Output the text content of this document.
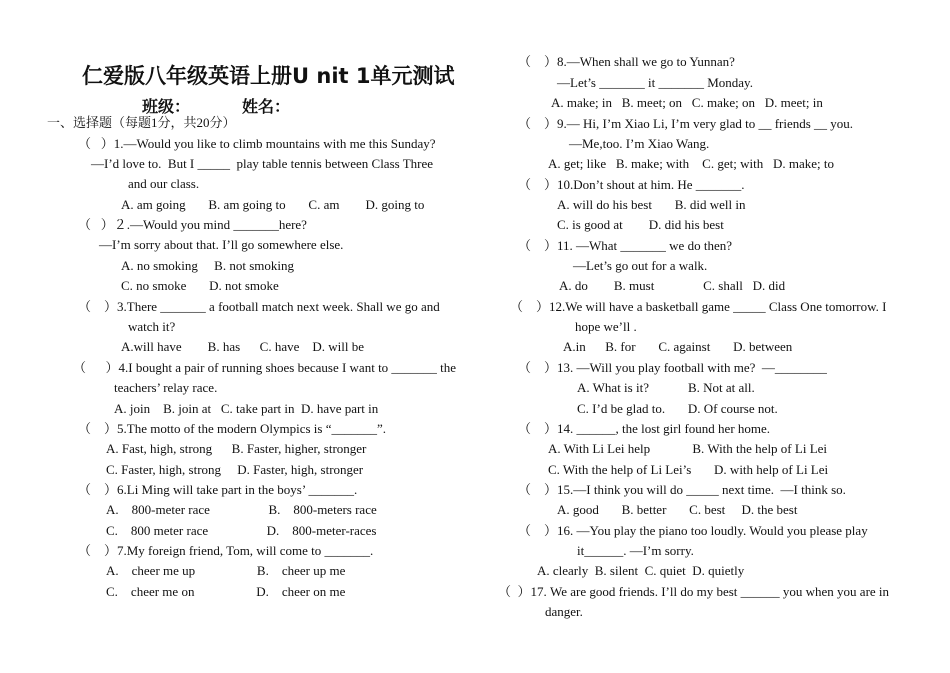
仁爱版八年级英语上册U nit 1单元测试
班级：	姓名：
一、选择题（每题1分，共20分）
（   ）1.—Would you like to climb mountains with me this Sunday?
—I’d love to.  But I _____  play table tennis between Class Three
and our class.
A. am going       B. am going to       C. am        D. going to
（   ）２.—Would you mind _______here?
—I’m sorry about that. I’ll go somewhere else.
A. no smoking     B. not smoking
C. no smoke       D. not smoke
（    ）3.There _______ a football match next week. Shall we go and
watch it?
A.will have        B. has      C. have    D. will be
（      ）4.I bought a pair of running shoes because I want to _______ the
teachers’ relay race.
A. join    B. join at   C. take part in  D. have part in
（    ）5.The motto of the modern Olympics is “_______”.
A. Fast, high, strong      B. Faster, higher, stronger
C. Faster, high, strong     D. Faster, high, stronger
（    ）6.Li Ming will take part in the boys’ _______.
A.    800-meter race                  B.    800-meters race
C.    800 meter race                  D.    800-meter-races
（    ）7.My foreign friend, Tom, will come to _______.
A.    cheer me up                   B.    cheer up me
C.    cheer me on                   D.    cheer on me
（    ）8.—When shall we go to Yunnan?
—Let’s _______ it _______ Monday.
A. make; in   B. meet; on   C. make; on   D. meet; in
（    ）9.— Hi, I’m Xiao Li, I’m very glad to __ friends __ you.
—Me,too. I’m Xiao Wang.
A. get; like   B. make; with    C. get; with   D. make; to
（    ）10.Don’t shout at him. He _______.
A. will do his best       B. did well in
C. is good at        D. did his best
（    ）11. —What _______ we do then?
—Let’s go out for a walk.
A. do        B. must               C. shall   D. did
（    ）12.We will have a basketball game _____ Class One tomorrow. I
hope we’ll .
A.in      B. for       C. against       D. between
（    ）13. —Will you play football with me?  —________
A. What is it?            B. Not at all.
C. I’d be glad to.       D. Of course not.
（    ）14. ______, the lost girl found her home.
A. With Li Lei help             B. With the help of Li Lei
C. With the help of Li Lei’s       D. with help of Li Lei
（    ）15.—I think you will do _____ next time.  —I think so.
A. good       B. better       C. best     D. the best
（    ）16. —You play the piano too loudly. Would you please play
it______. —I’m sorry.
A. clearly  B. silent  C. quiet  D. quietly
（  ）17. We are good friends. I’ll do my best ______ you when you are in
danger.
